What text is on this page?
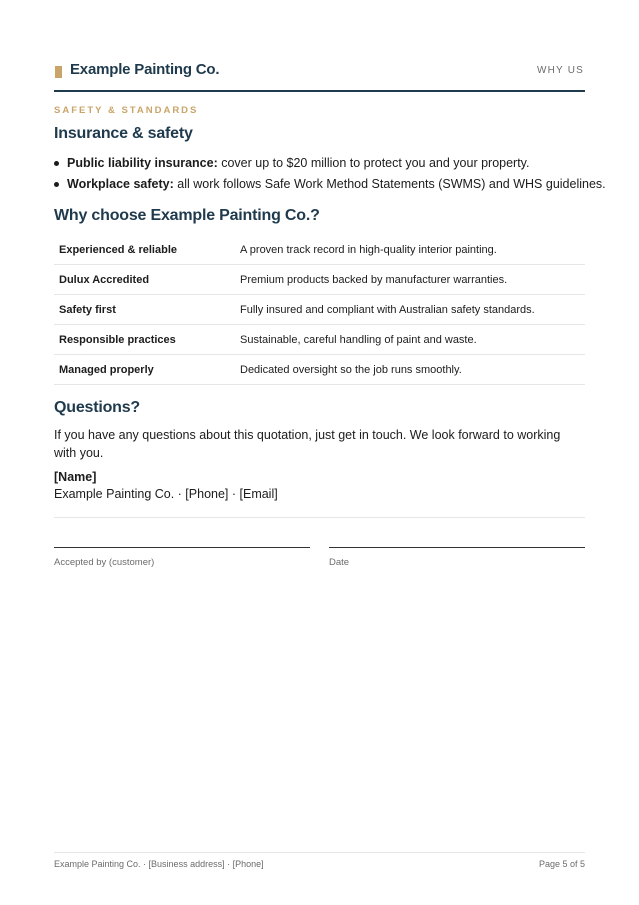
Example Painting Co.	WHY US
SAFETY & STANDARDS
Insurance & safety
Public liability insurance: cover up to $20 million to protect you and your property.
Workplace safety: all work follows Safe Work Method Statements (SWMS) and WHS guidelines.
Why choose Example Painting Co.?
Experienced & reliable	A proven track record in high-quality interior painting.
Dulux Accredited	Premium products backed by manufacturer warranties.
Safety first	Fully insured and compliant with Australian safety standards.
Responsible practices	Sustainable, careful handling of paint and waste.
Managed properly	Dedicated oversight so the job runs smoothly.
Questions?

If you have any questions about this quotation, just get in touch. We look forward to working with you.

[Name]
Example Painting Co. · [Phone] · [Email]
Accepted by (customer)	Date
Example Painting Co. · [Business address] · [Phone]	Page 5 of 5
